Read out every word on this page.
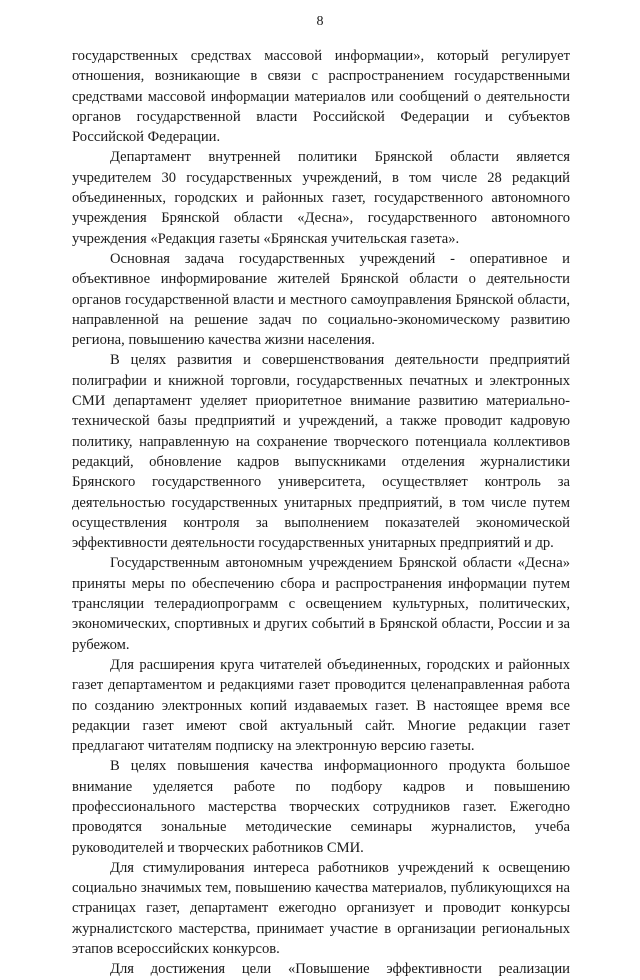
8

государственных средствах массовой информации», который регулирует отношения, возникающие в связи с распространением государственными средствами массовой информации материалов или сообщений о деятельности органов государственной власти Российской Федерации и субъектов Российской Федерации.

Департамент внутренней политики Брянской области является учредителем 30 государственных учреждений, в том числе 28 редакций объединенных, городских и районных газет, государственного автономного учреждения Брянской области «Десна», государственного автономного учреждения «Редакция газеты «Брянская учительская газета».

Основная задача государственных учреждений - оперативное и объективное информирование жителей Брянской области о деятельности органов государственной власти и местного самоуправления Брянской области, направленной на решение задач по социально-экономическому развитию региона, повышению качества жизни населения.

В целях развития и совершенствования деятельности предприятий полиграфии и книжной торговли, государственных печатных и электронных СМИ департамент уделяет приоритетное внимание развитию материально-технической базы предприятий и учреждений, а также проводит кадровую политику, направленную на сохранение творческого потенциала коллективов редакций, обновление кадров выпускниками отделения журналистики Брянского государственного университета, осуществляет контроль за деятельностью государственных унитарных предприятий, в том числе путем осуществления контроля за выполнением показателей экономической эффективности деятельности государственных унитарных предприятий и др.

Государственным автономным учреждением Брянской области «Десна» приняты меры по обеспечению сбора и распространения информации путем трансляции телерадиопрограмм с освещением культурных, политических, экономических, спортивных и других событий в Брянской области, России и за рубежом.

Для расширения круга читателей объединенных, городских и районных газет департаментом и редакциями газет проводится целенаправленная работа по созданию электронных копий издаваемых газет. В настоящее время все редакции газет имеют свой актуальный сайт. Многие редакции газет предлагают читателям подписку на электронную версию газеты.

В целях повышения качества информационного продукта большое внимание уделяется работе по подбору кадров и повышению профессионального мастерства творческих сотрудников газет. Ежегодно проводятся зональные методические семинары журналистов, учеба руководителей и творческих работников СМИ.

Для стимулирования интереса работников учреждений к освещению социально значимых тем, повышению качества материалов, публикующихся на страницах газет, департамент ежегодно организует и проводит конкурсы журналистского мастерства, принимает участие в организации региональных этапов всероссийских конкурсов.

Для достижения цели «Повышение эффективности реализации
